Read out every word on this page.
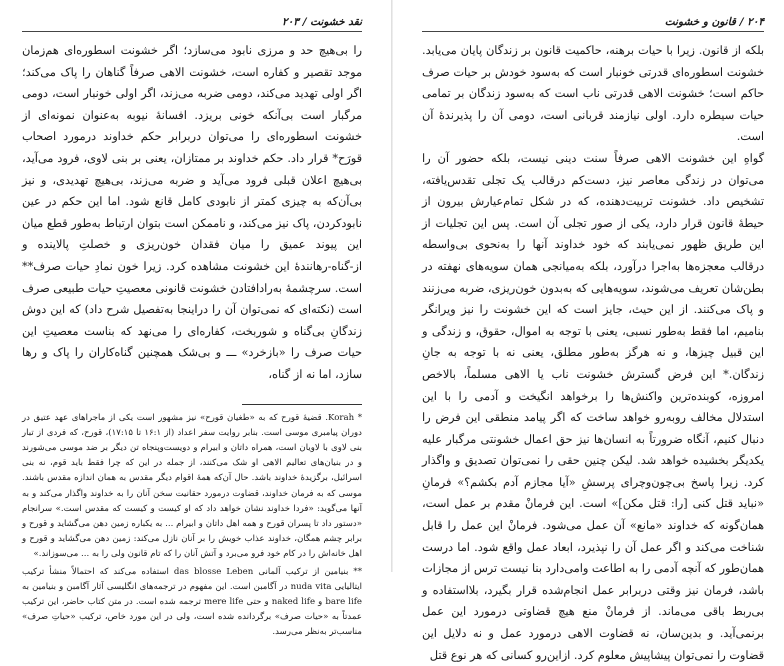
نقد خشونت / ۲۰۳

را بی‌هیچ حد و مرزی نابود می‌سازد؛ اگر خشونت اسطوره‌ای هم‌زمان موجد تقصیر و کفاره است، خشونت الاهی صرفاً گناهان را پاک می‌کند؛ اگر اولی تهدید می‌کند، دومی ضربه می‌زند، اگر اولی خونبار است، دومی مرگبار است بی‌آنکه خونی بریزد. افسانهٔ نیوبه به‌عنوان نمونه‌ای از خشونت اسطوره‌ای را می‌توان دربرابر حکم خداوند درمورد اصحاب قورَح* قرار داد. حکم خداوند بر ممتازان، یعنی بر بنی لاوی، فرود می‌آید، بی‌هیچ اعلان قبلی فرود می‌آید و ضربه می‌زند، بی‌هیچ تهدیدی، و نیز بی‌آن‌که به چیزی کمتر از نابودی کامل قانع شود. اما این حکم در عین نابودکردن، پاک نیز می‌کند، و ناممکن است بتوان ارتباط به‌طور قطع میان این پیوند عمیق را میان فقدان خون‌ریزی و خصلتِ پالاینده و از‑گناه‑رهانندهٔ این خشونت مشاهده کرد. زیرا خون نمادِ حیات صرف** است. سرچشمهٔ به‌رادافتادن خشونت قانونی معصیتِ حیات طبیعی صرف است (نکته‌ای که نمی‌توان آن را دراینجا به‌تفصیل شرح داد) که این دوش زندگانِ بی‌گناه و شوربخت، کفاره‌ای را می‌نهد که بناست معصیتِ این حیات صرف را «بازخرد» ـــ و بی‌شک همچنین گناه‌کاران را پاک و رها سازد، اما نه از گناه،

* Korah. قضیهٔ قورح که به «طغیان قورح» نیز مشهور است یکی از ماجراهای عهد عتیق در دوران پیامبری موسی است. بنابر روایت سفر اعداد (از ۱۶:۱ تا ۱۷:۱۵)، قورح، که فردی از تبار بنی لاوی با لاویان است، همراه داتان و ابیرام و دویست‌وپنجاه تن دیگر بر ضد موسی می‌شورند و در بنیان‌های تعالیم الاهی او شک می‌کنند، از جمله در این که چرا فقط باید قوم، نه بنی اسرائیل، برگزیدهٔ خداوند باشد. حال آن‌که همهٔ اقوام دیگر مقدس به همان اندازه مقدس باشند. موسی که به فرمان خداوند، قضاوت درمورد حقانیت سخن آنان را به خداوند واگذار می‌کند و به آنها می‌گوید: «فردا خداوند نشان خواهد داد که او کیست و کیست که مقدس است.» سرانجام «دستور داد تا پسران قورح و همه اهل داتان و ابیرام ... به یکباره زمین دهن می‌گشاید و قورح و برابر چشم همگان، خداوند عذاب خویش را بر آنان نازل می‌کند: زمین دهن می‌گشاید و قورح و اهل خانه‌اش را در کام خود فرو می‌برد و آتش آنان را که تام قانون ولی را به ... می‌سوزاند.»

** بنیامین از ترکیب آلمانی das blosse Leben استفاده می‌کند که احتمالاً منشأ ترکیب ایتالیایی nuda vita در آگامبن است. این مفهوم در ترجمه‌های انگلیسی آثار آگامبن و بنیامین به bare life و naked life و حتی mere life ترجمه شده است. در متن کتاب حاضر، این ترکیب عمدتاً به «حیات صرف» برگردانده شده است، ولی در این مورد خاص، ترکیب «حیاتِ صرف» مناسب‌تر به‌نظر می‌رسد.

۲۰۴ / قانون و خشونت

بلکه از قانون. زیرا با حیات برهنه، حاکمیت قانون بر زندگان پایان می‌یابد. خشونت اسطوره‌ای قدرتی خونبار است که به‌سود خودش بر حیات صرف حاکم است؛ خشونت الاهی قدرتی ناب است که به‌سود زندگان بر تمامی حیات سیطره دارد. اولی نیازمند قربانی است، دومی آن را پذیرندهٔ آن است.

گواهِ این خشونت الاهی صرفاً سنت دینی نیست، بلکه حضور آن را می‌توان در زندگی معاصر نیز، دست‌کم درقالب یک تجلی تقدس‌یافته، تشخیص داد. خشونت تربیت‌دهنده، که در شکل تمام‌عیارش بیرون از حیطهٔ قانون قرار دارد، یکی از صور تجلی آن است. پس این تجلیات از این طریق ظهور نمی‌یابند که خود خداوند آنها را به‌نحوی بی‌واسطه درقالب معجزه‌ها به‌اجرا درآورد، بلکه به‌میانجی همان سویه‌های نهفته در بطن‌شان تعریف می‌شوند، سویه‌هایی که به‌بدون خون‌ریزی، ضربه می‌زنند و پاک می‌کنند. از این حیث، جایز است که این خشونت را نیز ویرانگر بنامیم، اما فقط به‌طور نسبی، یعنی با توجه به اموال، حقوق، و زندگی و این قبیل چیزها، و نه هرگز به‌طور مطلق، یعنی نه با توجه به جانِ زندگان.* این فرض گسترش خشونت ناب یا الاهی مسلماً، بالاخص امروزه، کوبنده‌ترین واکنش‌ها را برخواهد انگیخت و آدمی را با این استدلال مخالف روبه‌رو خواهد ساخت که اگر پیامد منطقی این فرض را دنبال کنیم، آنگاه ضرورتاً به انسان‌ها نیز حق اعمال خشونتی مرگبار علیه یکدیگر بخشیده خواهد شد. لیکن چنین حقی را نمی‌توان تصدیق و واگذار کرد. زیرا پاسخ بی‌چون‌وچرای پرسشِ «آیا مجازم آدم بکشم؟» فرمانِ «نباید قتل کنی [را: قتل مکن]» است. این فرمانْ مقدم بر عمل است، همان‌گونه که خداوند «مانع» آن عمل می‌شود. فرمانْ این عمل را قابل شناخت می‌کند و اگر عمل آن را نپذیرد، ابعاد عمل واقع شود. اما درست همان‌طور که آنچه آدمی را به اطاعت وامی‌دارد بنا نیست ترس از مجازات باشد، فرمان نیز وقتی دربرابر عمل انجام‌شده قرار بگیرد، بلااستفاده و بی‌ربط باقی می‌ماند. از فرمانْ منع هیچ قضاوتی درمورد این عمل برنمی‌آید. و بدین‌سان، نه قضاوت الاهی درمورد عمل و نه دلایل این قضاوت را نمی‌توان پیشاپیش معلوم کرد. ازاین‌رو کسانی که هر نوع قتل
